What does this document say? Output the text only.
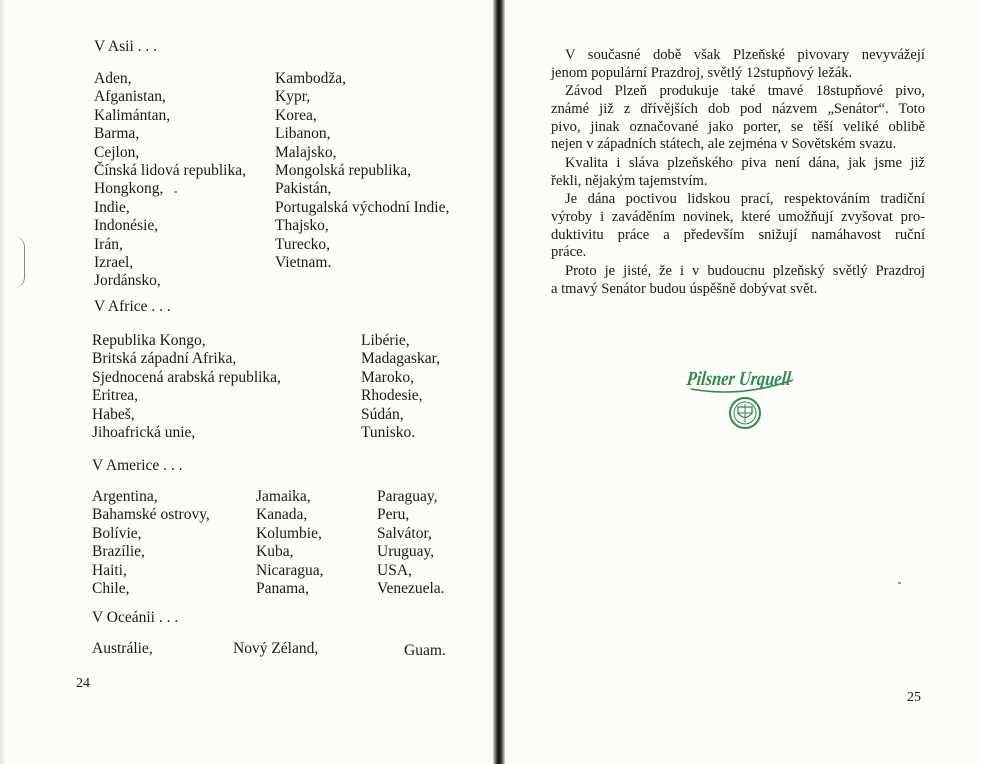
V Asii . . .
Aden,
Afganistan,
Kalimántan,
Barma,
Cejlon,
Čínská lidová republika,
Hongkong,
Indie,
Indonésie,
Irán,
Izrael,
Jordánsko,
Kambodža,
Kypr,
Korea,
Libanon,
Malajsko,
Mongolská republika,
Pakistán,
Portugalská východní Indie,
Thajsko,
Turecko,
Vietnam.
V Africe . . .
Republika Kongo,
Britská západní Afrika,
Sjednocená arabská republika,
Eritrea,
Habeš,
Jihoafrická unie,
Libérie,
Madagaskar,
Maroko,
Rhodesie,
Súdán,
Tunisko.
V Americe . . .
Argentina,
Bahamské ostrovy,
Bolívie,
Brazílie,
Haiti,
Chile,
Jamaika,
Kanada,
Kolumbie,
Kuba,
Nicaragua,
Panama,
Paraguay,
Peru,
Salvátor,
Uruguay,
USA,
Venezuela.
V Oceánii . . .
Austrálie,	Nový Zéland,	Guam.
24
V současné době však Plzeňské pivovary nevyvážejí
jenom populární Prazdroj, světlý 12stupňový ležák.
Závod Plzeň produkuje také tmavé 18stupňové pivo,
známé již z dřívějších dob pod názvem „Senátor“. Toto
pivo, jinak označované jako porter, se těší veliké oblibě
nejen v západních státech, ale zejména v Sovětském svazu.
Kvalita i sláva plzeňského piva není dána, jak jsme již
řekli, nějakým tajemstvím.
Je dána poctivou lidskou prací, respektováním tradiční
výroby i zaváděním novinek, které umožňují zvyšovat pro-
duktivitu práce a především snižují namáhavost ruční
práce.
Proto je jisté, že i v budoucnu plzeňský světlý Prazdroj
a tmavý Senátor budou úspěšně dobývat svět.
Pilsner Urquell
25
